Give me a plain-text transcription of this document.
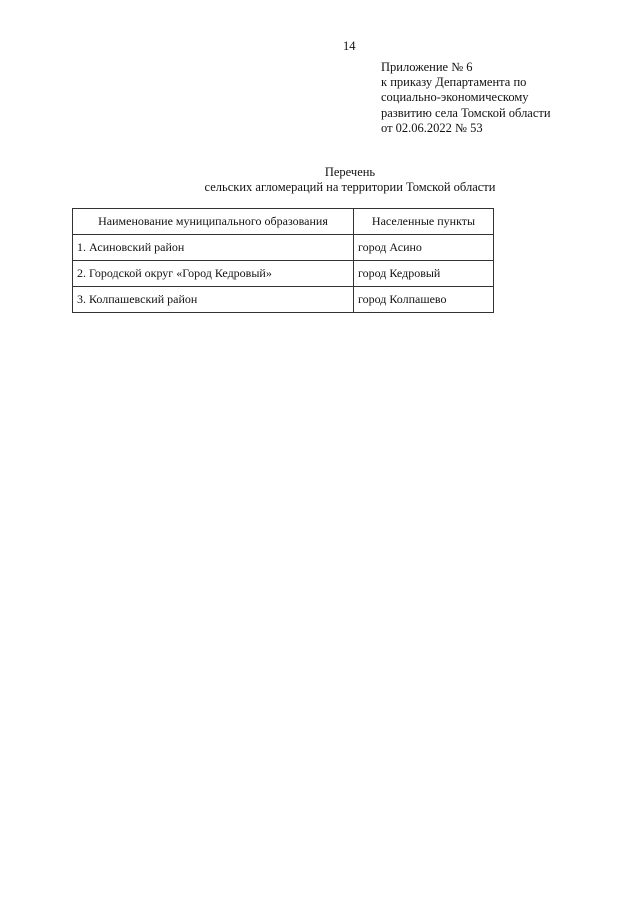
14
Приложение № 6
к приказу Департамента по
социально-экономическому
развитию села Томской области
от 02.06.2022 № 53
Перечень
сельских агломераций на территории Томской области
Наименование муниципального образования	Населенные пункты
1. Асиновский район	город Асино
2. Городской округ «Город Кедровый»	город Кедровый
3. Колпашевский район	город Колпашево
